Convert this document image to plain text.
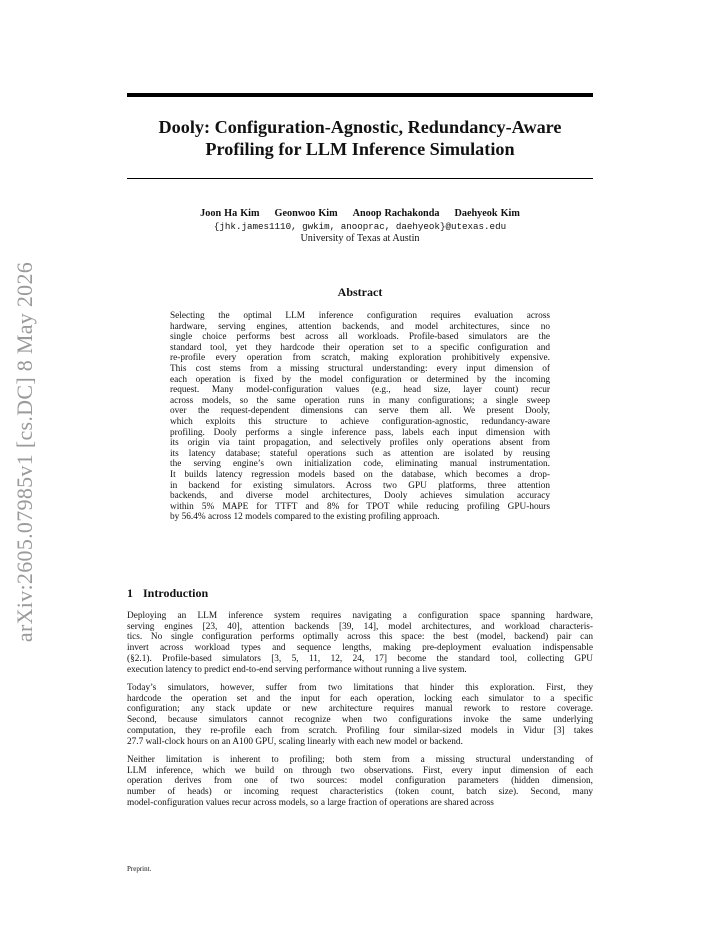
arXiv:2605.07985v1 [cs.DC] 8 May 2026
Dooly: Configuration-Agnostic, Redundancy-Aware
Profiling for LLM Inference Simulation
Joon Ha Kim Geonwoo Kim Anoop Rachakonda Daehyeok Kim
{jhk.james1110, gwkim, anooprac, daehyeok}@utexas.edu
University of Texas at Austin
Abstract
Selecting the optimal LLM inference configuration requires evaluation across
hardware, serving engines, attention backends, and model architectures, since no
single choice performs best across all workloads. Profile-based simulators are the
standard tool, yet they hardcode their operation set to a specific configuration and
re-profile every operation from scratch, making exploration prohibitively expensive.
This cost stems from a missing structural understanding: every input dimension of
each operation is fixed by the model configuration or determined by the incoming
request. Many model-configuration values (e.g., head size, layer count) recur
across models, so the same operation runs in many configurations; a single sweep
over the request-dependent dimensions can serve them all. We present Dooly,
which exploits this structure to achieve configuration-agnostic, redundancy-aware
profiling. Dooly performs a single inference pass, labels each input dimension with
its origin via taint propagation, and selectively profiles only operations absent from
its latency database; stateful operations such as attention are isolated by reusing
the serving engine’s own initialization code, eliminating manual instrumentation.
It builds latency regression models based on the database, which becomes a drop-
in backend for existing simulators. Across two GPU platforms, three attention
backends, and diverse model architectures, Dooly achieves simulation accuracy
within 5% MAPE for TTFT and 8% for TPOT while reducing profiling GPU-hours
by 56.4% across 12 models compared to the existing profiling approach.
1 Introduction
Deploying an LLM inference system requires navigating a configuration space spanning hardware,
serving engines [23, 40], attention backends [39, 14], model architectures, and workload characteris-
tics. No single configuration performs optimally across this space: the best (model, backend) pair can
invert across workload types and sequence lengths, making pre-deployment evaluation indispensable
(§2.1). Profile-based simulators [3, 5, 11, 12, 24, 17] become the standard tool, collecting GPU
execution latency to predict end-to-end serving performance without running a live system.
Today’s simulators, however, suffer from two limitations that hinder this exploration. First, they
hardcode the operation set and the input for each operation, locking each simulator to a specific
configuration; any stack update or new architecture requires manual rework to restore coverage.
Second, because simulators cannot recognize when two configurations invoke the same underlying
computation, they re-profile each from scratch. Profiling four similar-sized models in Vidur [3] takes
27.7 wall-clock hours on an A100 GPU, scaling linearly with each new model or backend.
Neither limitation is inherent to profiling; both stem from a missing structural understanding of
LLM inference, which we build on through two observations. First, every input dimension of each
operation derives from one of two sources: model configuration parameters (hidden dimension,
number of heads) or incoming request characteristics (token count, batch size). Second, many
model-configuration values recur across models, so a large fraction of operations are shared across
Preprint.
